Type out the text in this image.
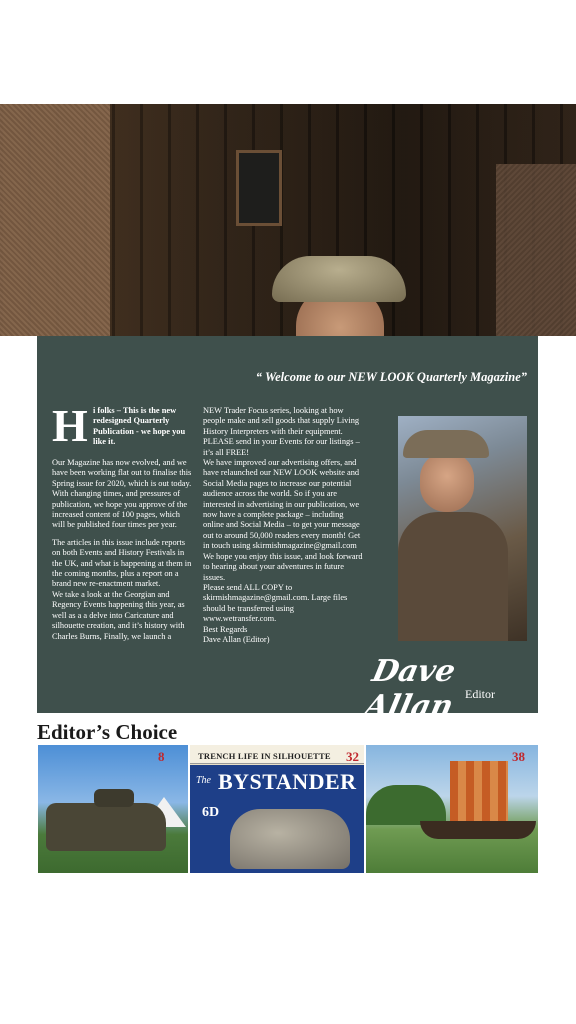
“ Welcome to our NEW LOOK Quarterly Magazine”
H i folks – This is the new redesigned Quarterly Publication - we hope you like it.

Our Magazine has now evolved, and we have been working flat out to finalise this Spring issue for 2020, which is out today. With changing times, and pressures of publication, we hope you approve of the increased content of 100 pages, which will be published four times per year.

The articles in this issue include reports on both Events and History Festivals in the UK, and what is happening at them in the coming months, plus a report on a brand new re-enactment market.

We take a look at the Georgian and Regency Events happening this year, as well as a a delve into Caricature and silhouette creation, and it’s history with Charles Burns, Finally, we launch a

NEW Trader Focus series, looking at how people make and sell goods that supply Living History Interpreters with their equipment.

PLEASE send in your Events for our listings – it’s all FREE!

We have improved our advertising offers, and have relaunched our NEW LOOK website and Social Media pages to increase our potential audience across the world. So if you are interested in advertising in our publication, we now have a complete package – including online and Social Media – to get your message out to around 50,000 readers every month! Get in touch using skirmishmagazine@gmail.com

We hope you enjoy this issue, and look forward to hearing about your adventures in future issues.

Please send ALL COPY to skirmishmagazine@gmail.com. Large files should be transferred using www.wetransfer.com.

Best Regards

Dave Allan (Editor)

Dave Allan Editor
Editor’s Choice
8	TRENCH LIFE IN SILHOUETTE
The BYSTANDER
6D
32	38
